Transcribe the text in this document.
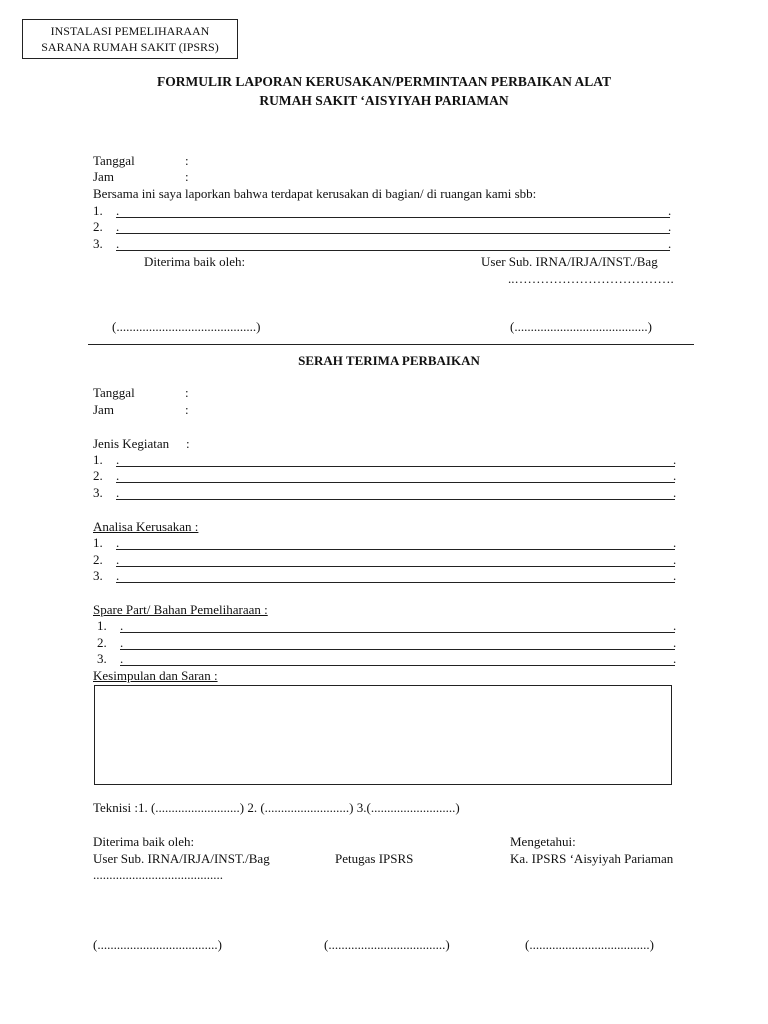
INSTALASI PEMELIHARAAN
SARANA RUMAH SAKIT (IPSRS)
FORMULIR LAPORAN KERUSAKAN/PERMINTAAN PERBAIKAN ALAT
RUMAH SAKIT ‘AISYIYAH PARIAMAN
Tanggal	:
Jam	:
Bersama ini saya laporkan bahwa terdapat kerusakan di bagian/ di ruangan kami sbb:
1. .	.
2. .	.
3. .	.
Diterima baik oleh:	User Sub. IRNA/IRJA/INST./Bag
..……………………………….
(...........................................)	(.........................................)
SERAH TERIMA PERBAIKAN
Tanggal	:
Jam	:
Jenis Kegiatan :
1. .	.
2. .	.
3. .	.
Analisa Kerusakan :
1. .	.
2. .	.
3. .	.
Spare Part/ Bahan Pemeliharaan :
1. .	.
2. .	.
3. .	.
Kesimpulan dan Saran :
Teknisi :1. (..........................) 2. (..........................) 3.(..........................)
Diterima baik oleh:	Mengetahui:
User Sub. IRNA/IRJA/INST./Bag	Petugas IPSRS	Ka. IPSRS ‘Aisyiyah Pariaman
........................................
(.....................................)	(....................................)	(.....................................)
